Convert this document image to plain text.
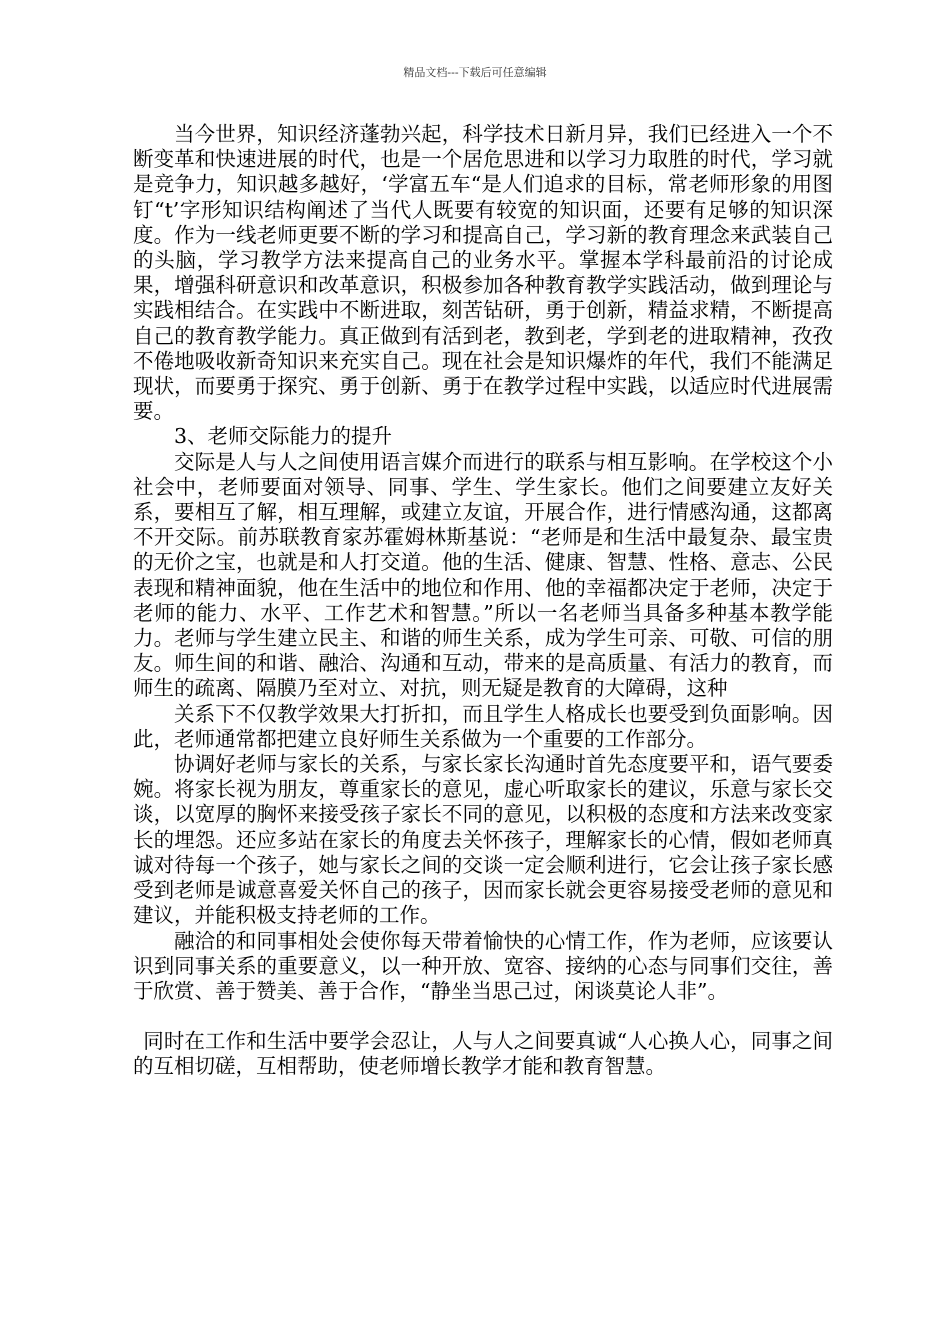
精品文档---下载后可任意编辑

当今世界，知识经济蓬勃兴起，科学技术日新月异，我们已经进入一个不断变革和快速进展的时代，也是一个居危思进和以学习力取胜的时代，学习就是竞争力，知识越多越好，‘学富五车“是人们追求的目标，常老师形象的用图钉“t’字形知识结构阐述了当代人既要有较宽的知识面，还要有足够的知识深度。作为一线老师更要不断的学习和提高自己，学习新的教育理念来武装自己的头脑，学习教学方法来提高自己的业务水平。掌握本学科最前沿的讨论成果，增强科研意识和改革意识，积极参加各种教育教学实践活动，做到理论与实践相结合。在实践中不断进取，刻苦钻研，勇于创新，精益求精，不断提高自己的教育教学能力。真正做到有活到老，教到老，学到老的进取精神，孜孜不倦地吸收新奇知识来充实自己。现在社会是知识爆炸的年代，我们不能满足现状，而要勇于探究、勇于创新、勇于在教学过程中实践，以适应时代进展需要。

3、老师交际能力的提升

交际是人与人之间使用语言媒介而进行的联系与相互影响。在学校这个小社会中，老师要面对领导、同事、学生、学生家长。他们之间要建立友好关系，要相互了解，相互理解，或建立友谊，开展合作，进行情感沟通，这都离不开交际。前苏联教育家苏霍姆林斯基说：“老师是和生活中最复杂、最宝贵的无价之宝，也就是和人打交道。他的生活、健康、智慧、性格、意志、公民表现和精神面貌，他在生活中的地位和作用、他的幸福都决定于老师，决定于老师的能力、水平、工作艺术和智慧。”所以一名老师当具备多种基本教学能力。老师与学生建立民主、和谐的师生关系，成为学生可亲、可敬、可信的朋友。师生间的和谐、融洽、沟通和互动，带来的是高质量、有活力的教育，而师生的疏离、隔膜乃至对立、对抗，则无疑是教育的大障碍，这种

关系下不仅教学效果大打折扣，而且学生人格成长也要受到负面影响。因此，老师通常都把建立良好师生关系做为一个重要的工作部分。

协调好老师与家长的关系，与家长家长沟通时首先态度要平和，语气要委婉。将家长视为朋友，尊重家长的意见，虚心听取家长的建议，乐意与家长交谈，以宽厚的胸怀来接受孩子家长不同的意见，以积极的态度和方法来改变家长的埋怨。还应多站在家长的角度去关怀孩子，理解家长的心情，假如老师真诚对待每一个孩子，她与家长之间的交谈一定会顺利进行，它会让孩子家长感受到老师是诚意喜爱关怀自己的孩子，因而家长就会更容易接受老师的意见和建议，并能积极支持老师的工作。

融洽的和同事相处会使你每天带着愉快的心情工作，作为老师，应该要认识到同事关系的重要意义，以一种开放、宽容、接纳的心态与同事们交往，善于欣赏、善于赞美、善于合作，“静坐当思己过，闲谈莫论人非”。

同时在工作和生活中要学会忍让，人与人之间要真诚“人心换人心，同事之间的互相切磋，互相帮助，使老师增长教学才能和教育智慧。
